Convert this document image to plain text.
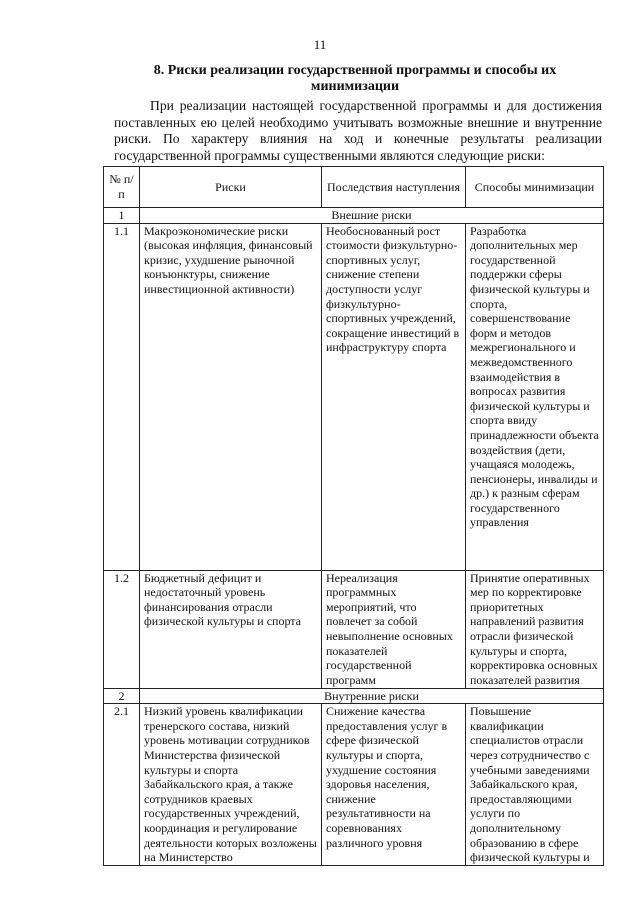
11
8. Риски реализации государственной программы и способы их минимизации

При реализации настоящей государственной программы и для достижения поставленных ею целей необходимо учитывать возможные внешние и внутренние риски. По характеру влияния на ход и конечные результаты реализации государственной программы существенными являются следующие риски:

№ п/п	Риски	Последствия наступления	Способы минимизации
1	Внешние риски		
1.1	Макроэкономические риски (высокая инфляция, финансовый кризис, ухудшение рыночной конъюнктуры, снижение инвестиционной активности)	Необоснованный рост стоимости физкультурно-спортивных услуг, снижение степени доступности услуг физкультурно-спортивных учреждений, сокращение инвестиций в инфраструктуру спорта	Разработка дополнительных мер государственной поддержки сферы физической культуры и спорта, совершенствование форм и методов межрегионального и межведомственного взаимодействия в вопросах развития физической культуры и спорта ввиду принадлежности объекта воздействия (дети, учащаяся молодежь, пенсионеры, инвалиды и др.) к разным сферам государственного управления
1.2	Бюджетный дефицит и недостаточный уровень финансирования отрасли физической культуры и спорта	Нереализация программных мероприятий, что повлечет за собой невыполнение основных показателей государственной программ	Принятие оперативных мер по корректировке приоритетных направлений развития отрасли физической культуры и спорта, корректировка основных показателей развития
2	Внутренние риски		
2.1	Низкий уровень квалификации тренерского состава, низкий уровень мотивации сотрудников Министерства физической культуры и спорта Забайкальского края, а также сотрудников краевых государственных учреждений, координация и регулирование деятельности которых возложены на Министерство	Снижение качества предоставления услуг в сфере физической культуры и спорта, ухудшение состояния здоровья населения, снижение результативности на соревнованиях различного уровня	Повышение квалификации специалистов отрасли через сотрудничество с учебными заведениями Забайкальского края, предоставляющими услуги по дополнительному образованию в сфере физической культуры и
